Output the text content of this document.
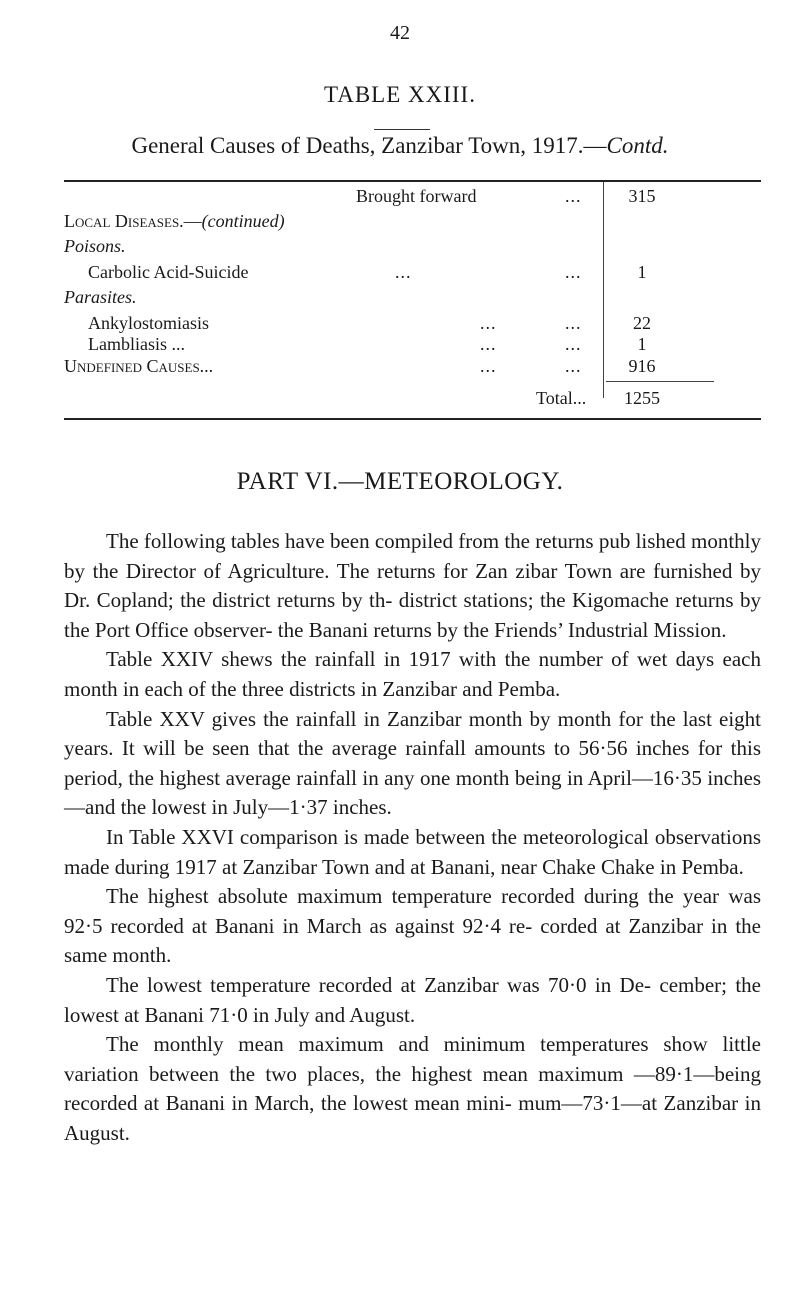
42
TABLE XXIII.
General Causes of Deaths, Zanzibar Town, 1917.—Contd.
Brought forward	...	315
Local Diseases.—(continued)
Poisons.
Carbolic Acid-Suicide	...	...	1
Parasites.
Ankylostomiasis	...	...	22
Lambliasis ...	...	...	1
Undefined Causes...	...	...	916
Total...	1255
PART VI.—METEOROLOGY.

The following tables have been compiled from the returns pub lished monthly by the Director of Agriculture. The returns for Zan zibar Town are furnished by Dr. Copland; the district returns by th- district stations; the Kigomache returns by the Port Office observer- the Banani returns by the Friends’ Industrial Mission.

Table XXIV shews the rainfall in 1917 with the number of wet days each month in each of the three districts in Zanzibar and Pemba.

Table XXV gives the rainfall in Zanzibar month by month for the last eight years. It will be seen that the average rainfall amounts to 56·56 inches for this period, the highest average rainfall in any one month being in April—16·35 inches—and the lowest in July—1·37 inches.

In Table XXVI comparison is made between the meteorological observations made during 1917 at Zanzibar Town and at Banani, near Chake Chake in Pemba.

The highest absolute maximum temperature recorded during the year was 92·5 recorded at Banani in March as against 92·4 re- corded at Zanzibar in the same month.

The lowest temperature recorded at Zanzibar was 70·0 in De- cember; the lowest at Banani 71·0 in July and August.

The monthly mean maximum and minimum temperatures show little variation between the two places, the highest mean maximum —89·1—being recorded at Banani in March, the lowest mean mini- mum—73·1—at Zanzibar in August.
